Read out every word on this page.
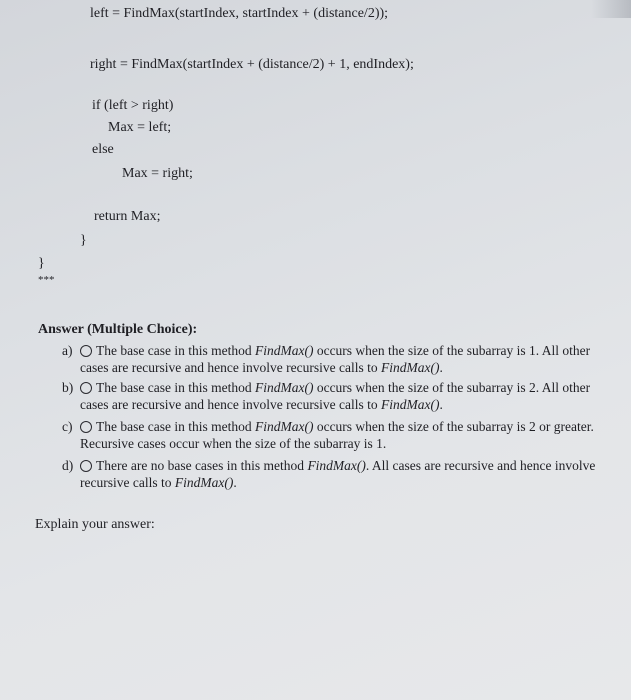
left = FindMax(startIndex, startIndex + (distance/2));
right = FindMax(startIndex + (distance/2) + 1, endIndex);
if (left > right)
Max = left;
else
Max = right;
return Max;
}
}
***
Answer (Multiple Choice):
a)	The base case in this method FindMax() occurs when the size of the subarray is 1. All other cases are recursive and hence involve recursive calls to FindMax().
b)	The base case in this method FindMax() occurs when the size of the subarray is 2. All other cases are recursive and hence involve recursive calls to FindMax().
c)	The base case in this method FindMax() occurs when the size of the subarray is 2 or greater. Recursive cases occur when the size of the subarray is 1.
d)	There are no base cases in this method FindMax(). All cases are recursive and hence involve recursive calls to FindMax().
Explain your answer:
